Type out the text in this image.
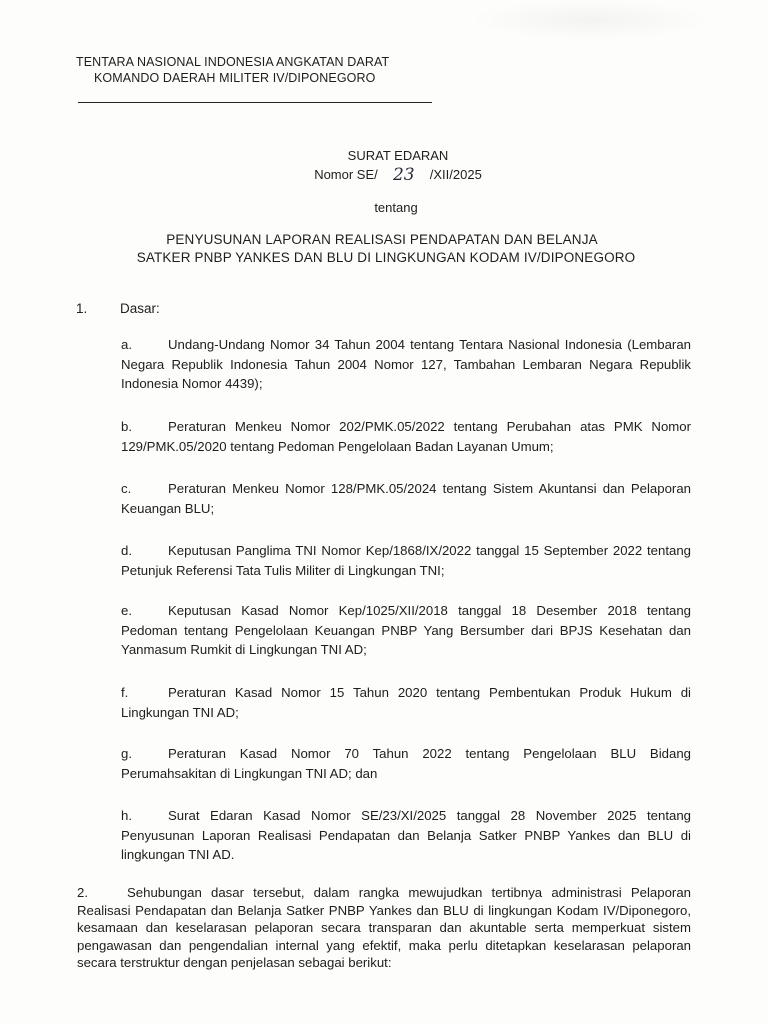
TENTARA NASIONAL INDONESIA ANGKATAN DARAT
KOMANDO DAERAH MILITER IV/DIPONEGORO
SURAT EDARAN
Nomor SE/ 23 /XII/2025
tentang
PENYUSUNAN LAPORAN REALISASI PENDAPATAN DAN BELANJA
SATKER PNBP YANKES DAN BLU DI LINGKUNGAN KODAM IV/DIPONEGORO
1. Dasar:
a.	Undang-Undang Nomor 34 Tahun 2004 tentang Tentara Nasional Indonesia (Lembaran Negara Republik Indonesia Tahun 2004 Nomor 127, Tambahan Lembaran Negara Republik Indonesia Nomor 4439);
b.	Peraturan Menkeu Nomor 202/PMK.05/2022 tentang Perubahan atas PMK Nomor 129/PMK.05/2020 tentang Pedoman Pengelolaan Badan Layanan Umum;
c.	Peraturan Menkeu Nomor 128/PMK.05/2024 tentang Sistem Akuntansi dan Pelaporan Keuangan BLU;
d.	Keputusan Panglima TNI Nomor Kep/1868/IX/2022 tanggal 15 September 2022 tentang Petunjuk Referensi Tata Tulis Militer di Lingkungan TNI;
e.	Keputusan Kasad Nomor Kep/1025/XII/2018 tanggal 18 Desember 2018 tentang Pedoman tentang Pengelolaan Keuangan PNBP Yang Bersumber dari BPJS Kesehatan dan Yanmasum Rumkit di Lingkungan TNI AD;
f.	Peraturan Kasad Nomor 15 Tahun 2020 tentang Pembentukan Produk Hukum di Lingkungan TNI AD;
g.	Peraturan Kasad Nomor 70 Tahun 2022 tentang Pengelolaan BLU Bidang Perumahsakitan di Lingkungan TNI AD; dan
h.	Surat Edaran Kasad Nomor SE/23/XI/2025 tanggal 28 November 2025 tentang Penyusunan Laporan Realisasi Pendapatan dan Belanja Satker PNBP Yankes dan BLU di lingkungan TNI AD.
2.	Sehubungan dasar tersebut, dalam rangka mewujudkan tertibnya administrasi Pelaporan Realisasi Pendapatan dan Belanja Satker PNBP Yankes dan BLU di lingkungan Kodam IV/Diponegoro, kesamaan dan keselarasan pelaporan secara transparan dan akuntable serta memperkuat sistem pengawasan dan pengendalian internal yang efektif, maka perlu ditetapkan keselarasan pelaporan secara terstruktur dengan penjelasan sebagai berikut:
